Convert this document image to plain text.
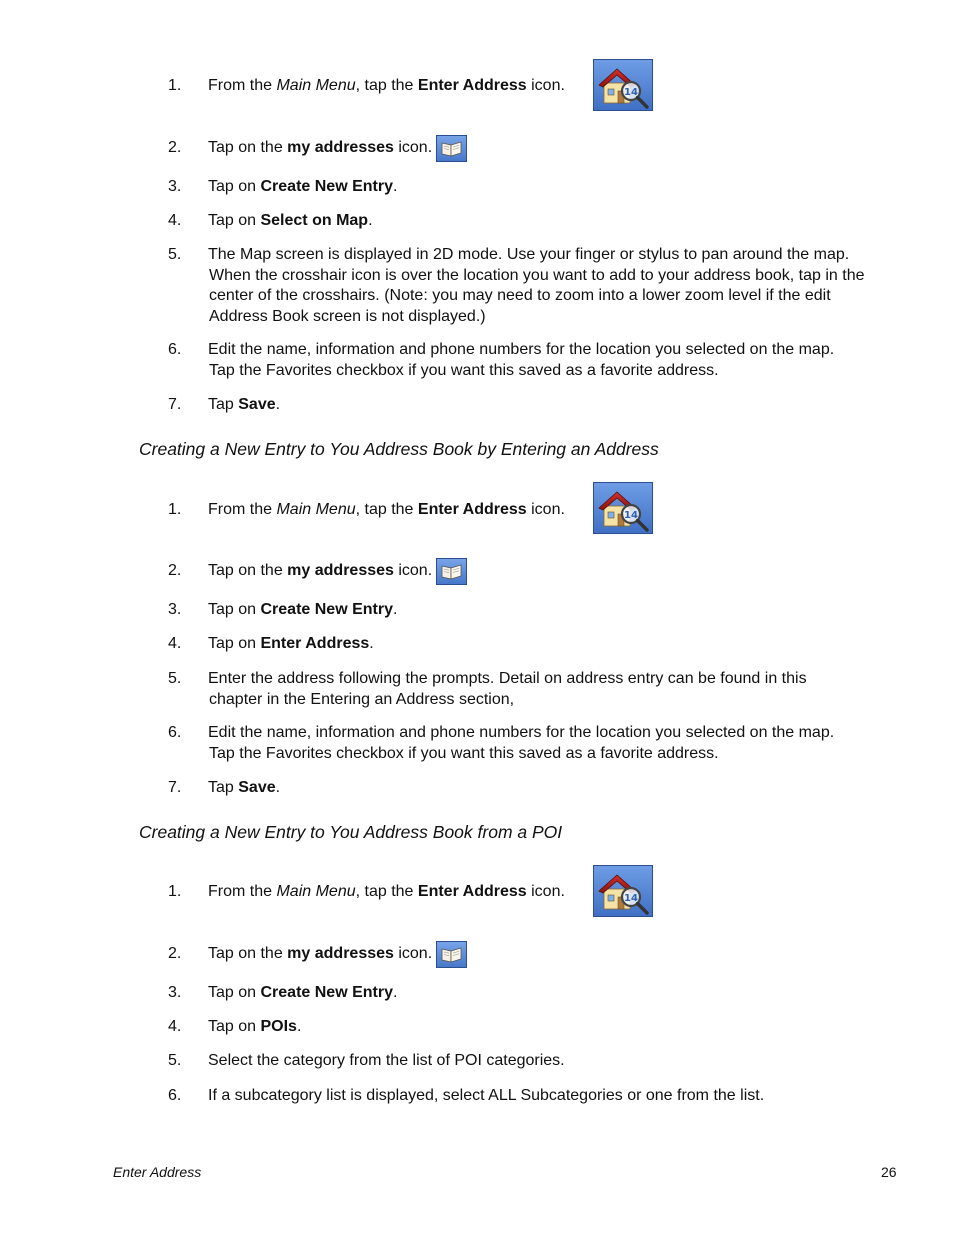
1. From the Main Menu, tap the Enter Address icon.	14
2. Tap on the my addresses icon.
3. Tap on Create New Entry.
4. Tap on Select on Map.
5. The Map screen is displayed in 2D mode. Use your finger or stylus to pan around the map.
When the crosshair icon is over the location you want to add to your address book, tap in the
center of the crosshairs. (Note: you may need to zoom into a lower zoom level if the edit
Address Book screen is not displayed.)
6. Edit the name, information and phone numbers for the location you selected on the map.
Tap the Favorites checkbox if you want this saved as a favorite address.
7. Tap Save.
Creating a New Entry to You Address Book by Entering an Address
1. From the Main Menu, tap the Enter Address icon.	14
2. Tap on the my addresses icon.
3. Tap on Create New Entry.
4. Tap on Enter Address.
5. Enter the address following the prompts. Detail on address entry can be found in this
chapter in the Entering an Address section,
6. Edit the name, information and phone numbers for the location you selected on the map.
Tap the Favorites checkbox if you want this saved as a favorite address.
7. Tap Save.
Creating a New Entry to You Address Book from a POI
1. From the Main Menu, tap the Enter Address icon.	14
2. Tap on the my addresses icon.
3. Tap on Create New Entry.
4. Tap on POIs.
5. Select the category from the list of POI categories.
6. If a subcategory list is displayed, select ALL Subcategories or one from the list.
Enter Address	26
